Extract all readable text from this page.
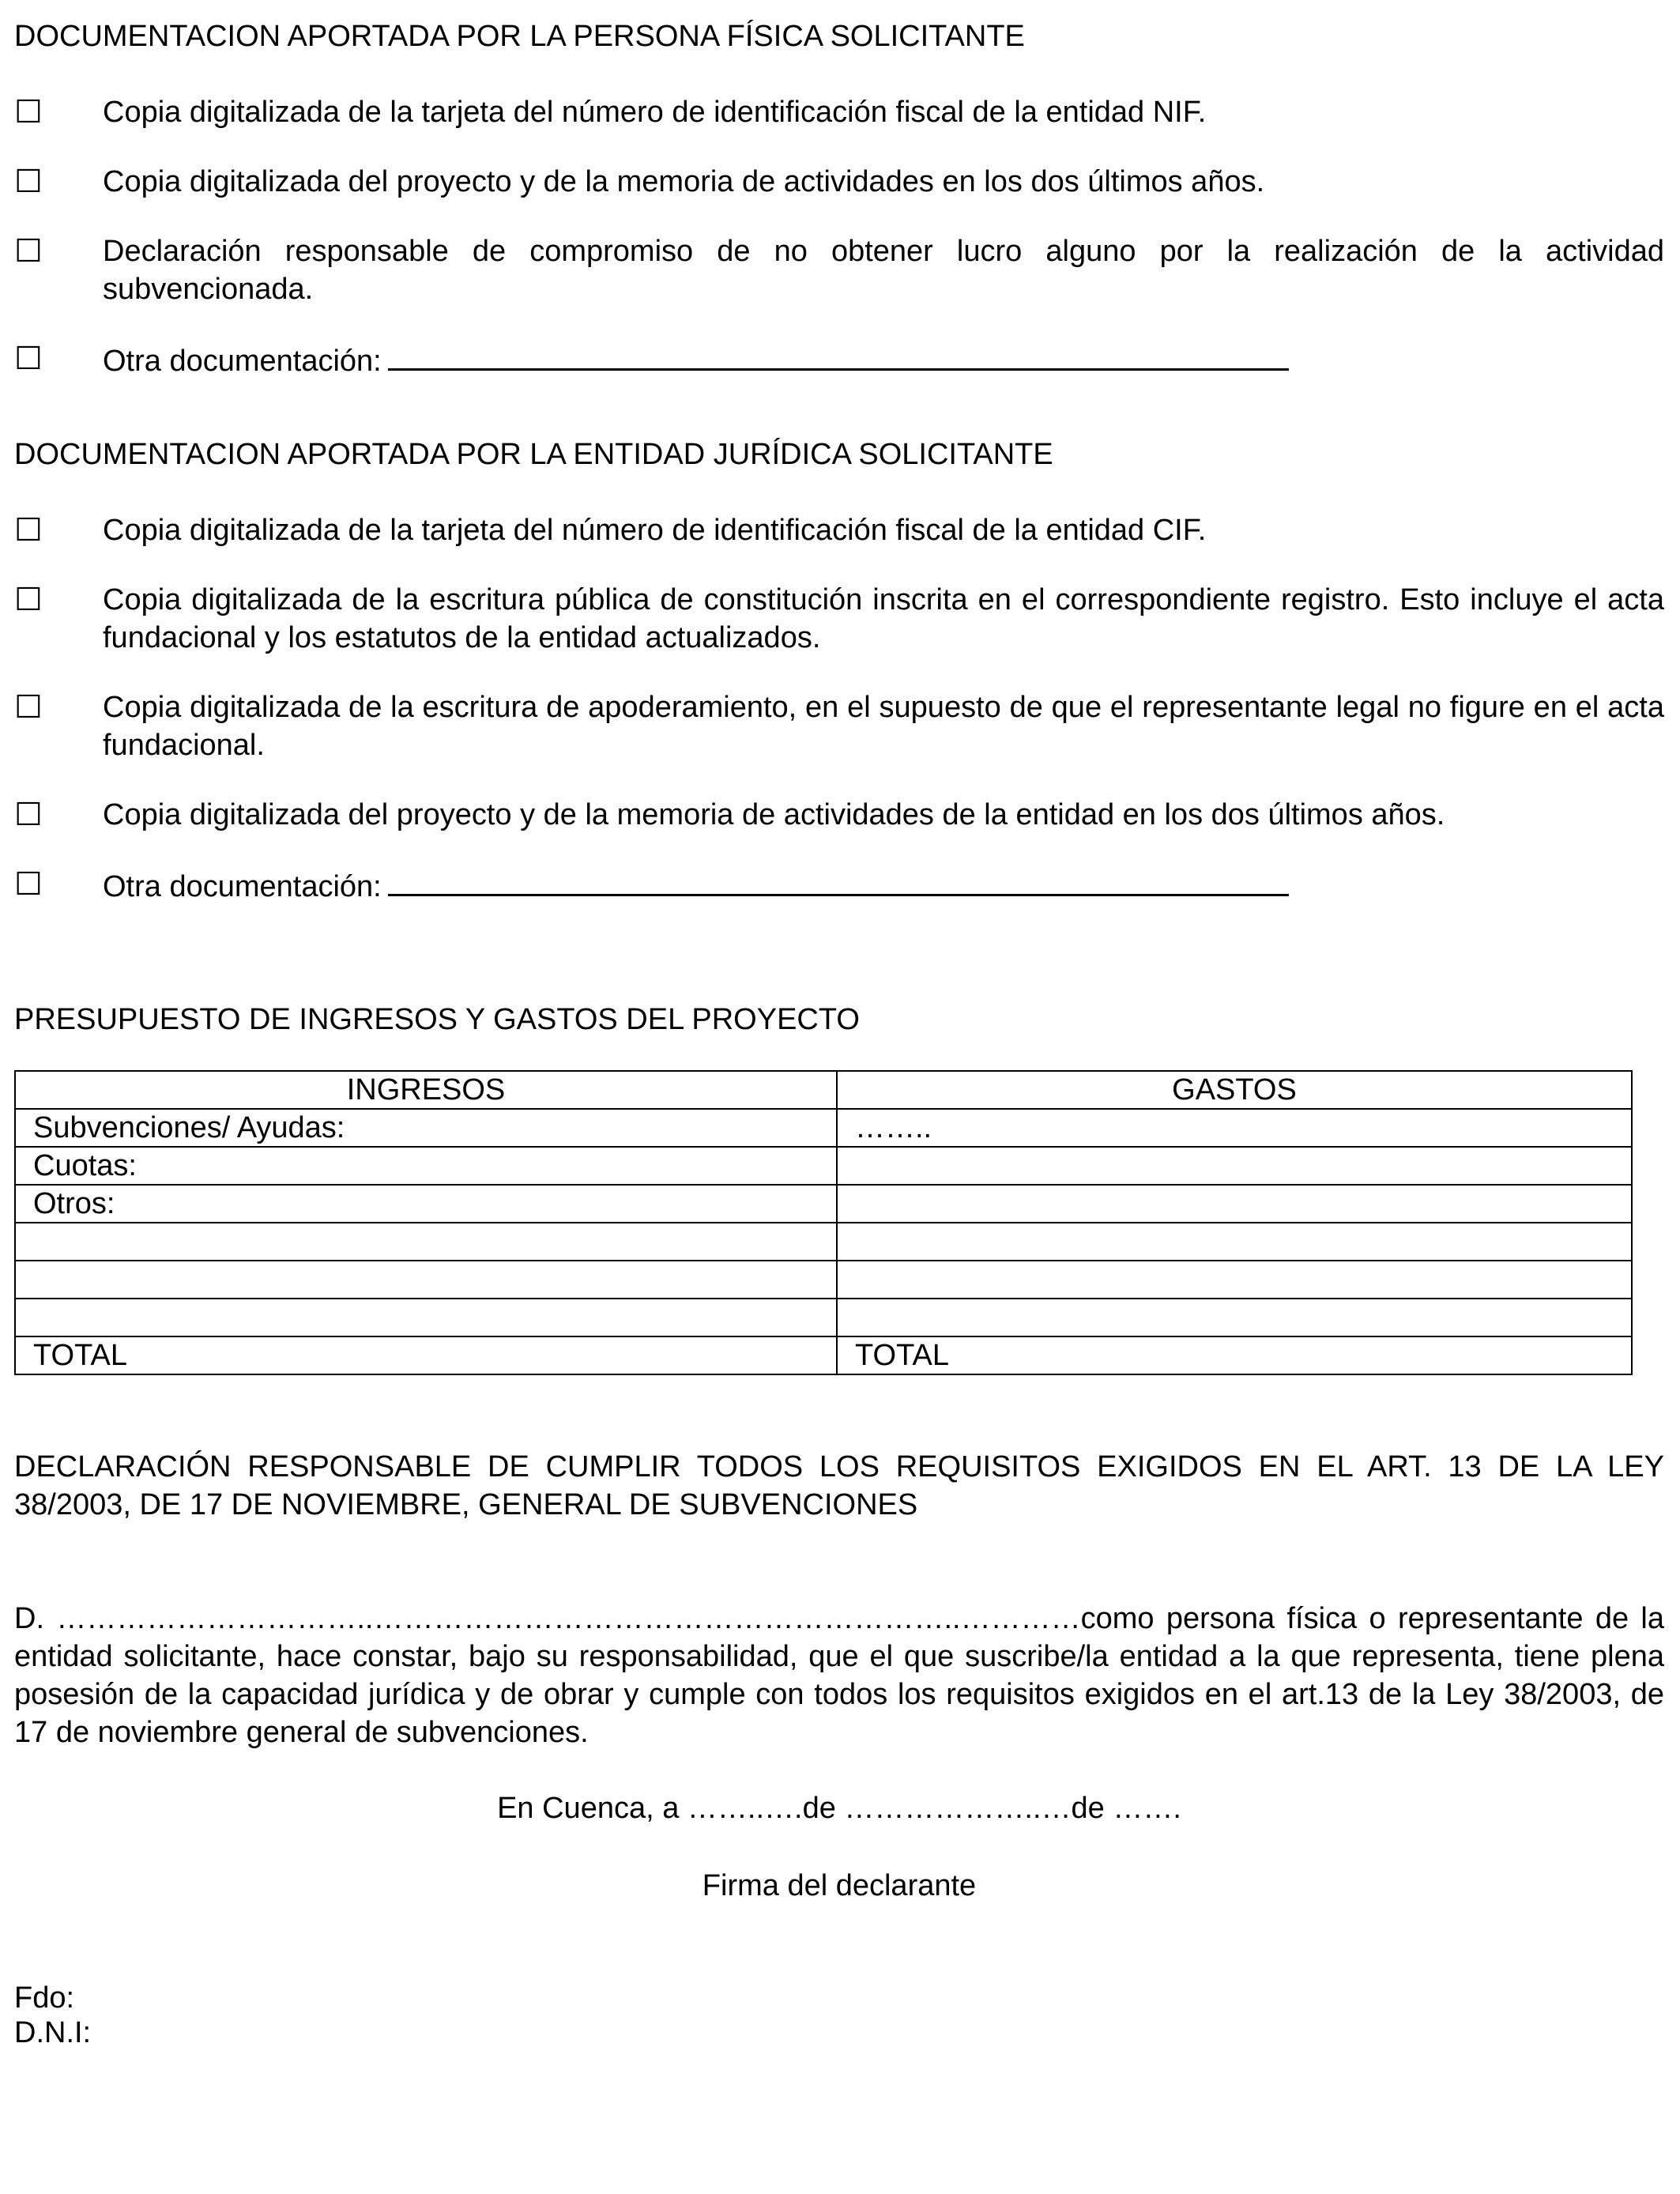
DOCUMENTACION APORTADA POR LA PERSONA FÍSICA SOLICITANTE

☐	Copia digitalizada de la tarjeta del número de identificación fiscal de la entidad NIF.
☐	Copia digitalizada del proyecto y de la memoria de actividades en los dos últimos años.
☐	Declaración responsable de compromiso de no obtener lucro alguno por la realización de la actividad subvencionada.
☐	Otra documentación:

DOCUMENTACION APORTADA POR LA ENTIDAD JURÍDICA SOLICITANTE

☐	Copia digitalizada de la tarjeta del número de identificación fiscal de la entidad CIF.
☐	Copia digitalizada de la escritura pública de constitución inscrita en el correspondiente registro. Esto incluye el acta fundacional y los estatutos de la entidad actualizados.
☐	Copia digitalizada de la escritura de apoderamiento, en el supuesto de que el representante legal no figure en el acta fundacional.
☐	Copia digitalizada del proyecto y de la memoria de actividades de la entidad en los dos últimos años.
☐	Otra documentación:

PRESUPUESTO DE INGRESOS Y GASTOS DEL PROYECTO

INGRESOS	GASTOS
Subvenciones/ Ayudas:	……..
Cuotas:	
Otros:	

TOTAL	TOTAL

DECLARACIÓN RESPONSABLE DE CUMPLIR TODOS LOS REQUISITOS EXIGIDOS EN EL ART. 13 DE LA LEY 38/2003, DE 17 DE NOVIEMBRE, GENERAL DE SUBVENCIONES

D. …………………………..…………………………………………………..…………como persona física o representante de la entidad solicitante, hace constar, bajo su responsabilidad, que el que suscribe/la entidad a la que representa, tiene plena posesión de la capacidad jurídica y de obrar y cumple con todos los requisitos exigidos en el art.13 de la Ley 38/2003, de 17 de noviembre general de subvenciones.

En Cuenca, a ……..….de ………………..…de …….

Firma del declarante

Fdo:

D.N.I:
